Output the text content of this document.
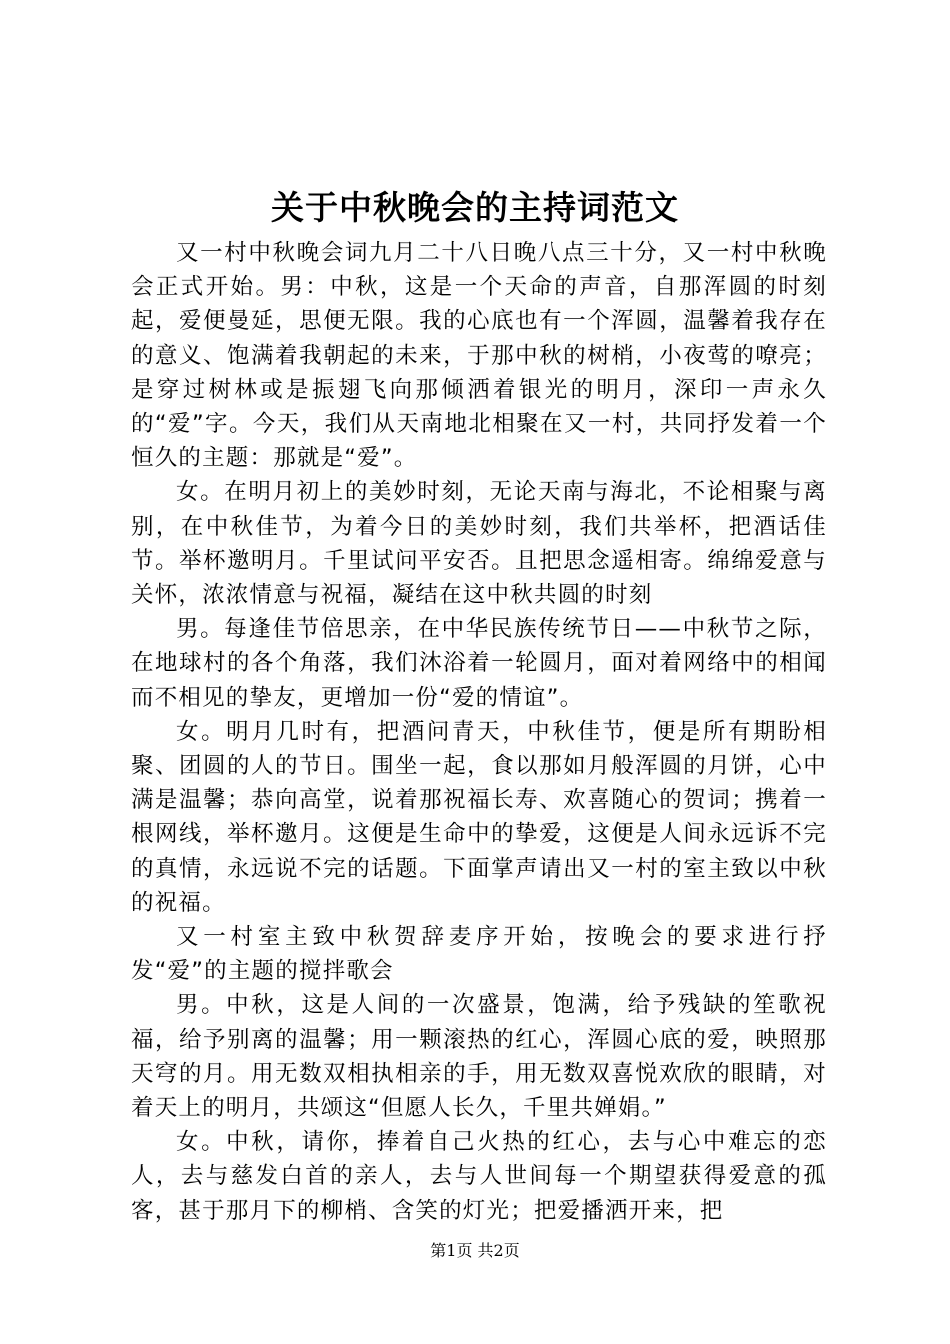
关于中秋晚会的主持词范文

又一村中秋晚会词九月二十八日晚八点三十分，又一村中秋晚会正式开始。男：中秋，这是一个天命的声音，自那浑圆的时刻起，爱便曼延，思便无限。我的心底也有一个浑圆，温馨着我存在的意义、饱满着我朝起的未来，于那中秋的树梢，小夜莺的嘹亮；是穿过树林或是振翅飞向那倾洒着银光的明月，深印一声永久的“爱”字。今天，我们从天南地北相聚在又一村，共同抒发着一个恒久的主题：那就是“爱”。

女。在明月初上的美妙时刻，无论天南与海北，不论相聚与离别，在中秋佳节，为着今日的美妙时刻，我们共举杯，把酒话佳节。举杯邀明月。千里试问平安否。且把思念遥相寄。绵绵爱意与关怀，浓浓情意与祝福，凝结在这中秋共圆的时刻

男。每逢佳节倍思亲，在中华民族传统节日——中秋节之际，在地球村的各个角落，我们沐浴着一轮圆月，面对着网络中的相闻而不相见的挚友，更增加一份“爱的情谊”。

女。明月几时有，把酒问青天，中秋佳节，便是所有期盼相聚、团圆的人的节日。围坐一起，食以那如月般浑圆的月饼，心中满是温馨；恭向高堂，说着那祝福长寿、欢喜随心的贺词；携着一根网线，举杯邀月。这便是生命中的挚爱，这便是人间永远诉不完的真情，永远说不完的话题。下面掌声请出又一村的室主致以中秋的祝福。

又一村室主致中秋贺辞麦序开始，按晚会的要求进行抒发“爱”的主题的搅拌歌会

男。中秋，这是人间的一次盛景，饱满，给予残缺的笙歌祝福，给予别离的温馨；用一颗滚热的红心，浑圆心底的爱，映照那天穹的月。用无数双相执相亲的手，用无数双喜悦欢欣的眼睛，对着天上的明月，共颂这“但愿人长久，千里共婵娟。”

女。中秋，请你，捧着自己火热的红心，去与心中难忘的恋人，去与慈发白首的亲人，去与人世间每一个期望获得爱意的孤客，甚于那月下的柳梢、含笑的灯光；把爱播洒开来，把

第1页 共2页
